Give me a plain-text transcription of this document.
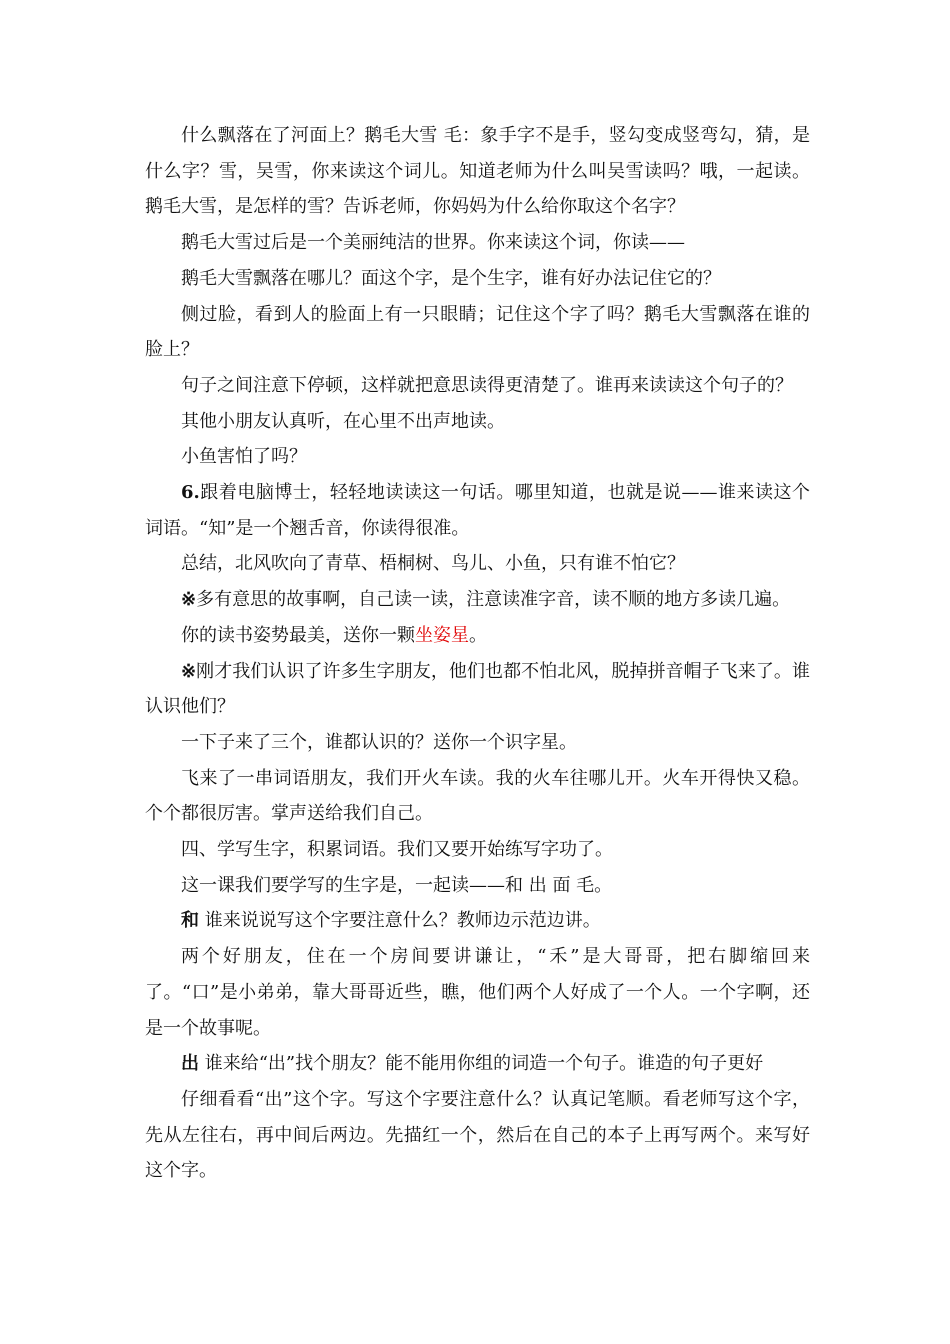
什么飘落在了河面上？鹅毛大雪 毛：象手字不是手，竖勾变成竖弯勾，猜，是什么字？雪，吴雪，你来读这个词儿。知道老师为什么叫吴雪读吗？哦，一起读。鹅毛大雪，是怎样的雪？告诉老师，你妈妈为什么给你取这个名字？

鹅毛大雪过后是一个美丽纯洁的世界。你来读这个词，你读——

鹅毛大雪飘落在哪儿？面这个字，是个生字，谁有好办法记住它的？

侧过脸，看到人的脸面上有一只眼睛；记住这个字了吗？鹅毛大雪飘落在谁的脸上？

句子之间注意下停顿，这样就把意思读得更清楚了。谁再来读读这个句子的？

其他小朋友认真听，在心里不出声地读。

小鱼害怕了吗？

6.跟着电脑博士，轻轻地读读这一句话。哪里知道，也就是说——谁来读这个词语。“知”是一个翘舌音，你读得很准。

总结，北风吹向了青草、梧桐树、鸟儿、小鱼，只有谁不怕它？

※多有意思的故事啊，自己读一读，注意读准字音，读不顺的地方多读几遍。

你的读书姿势最美，送你一颗坐姿星。

※刚才我们认识了许多生字朋友，他们也都不怕北风，脱掉拼音帽子飞来了。谁认识他们？

一下子来了三个，谁都认识的？送你一个识字星。

飞来了一串词语朋友，我们开火车读。我的火车往哪儿开。火车开得快又稳。个个都很厉害。掌声送给我们自己。

四、学写生字，积累词语。我们又要开始练写字功了。

这一课我们要学写的生字是，一起读——和 出 面 毛。

和 谁来说说写这个字要注意什么？教师边示范边讲。

两个好朋友，住在一个房间要讲谦让，“禾”是大哥哥，把右脚缩回来了。“口”是小弟弟，靠大哥哥近些，瞧，他们两个人好成了一个人。一个字啊，还是一个故事呢。

出 谁来给“出”找个朋友？能不能用你组的词造一个句子。谁造的句子更好

仔细看看“出”这个字。写这个字要注意什么？认真记笔顺。看老师写这个字，先从左往右，再中间后两边。先描红一个，然后在自己的本子上再写两个。来写好这个字。
